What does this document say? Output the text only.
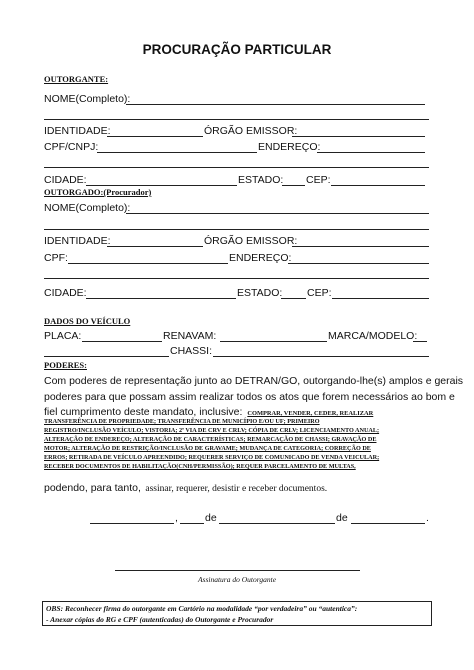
PROCURAÇÃO PARTICULAR
OUTORGANTE:
NOME(Completo):
IDENTIDADE:	ÓRGÃO EMISSOR:
CPF/CNPJ:	ENDEREÇO:
CIDADE:	ESTADO: CEP:
OUTORGADO:(Procurador)
NOME(Completo):
IDENTIDADE:	ÓRGÃO EMISSOR:
CPF:	ENDEREÇO:
CIDADE:	ESTADO: CEP:
DADOS DO VEÍCULO
PLACA:	RENAVAM:	MARCA/MODELO:
CHASSI:
PODERES:
Com poderes de representação junto ao DETRAN/GO, outorgando-lhe(s) amplos e gerais
poderes para que possam assim realizar todos os atos que forem necessários ao bom e
fiel cumprimento deste mandato, inclusive: COMPRAR, VENDER, CEDER, REALIZAR
TRANSFERÊNCIA DE PROPRIEDADE; TRANSFERÊNCIA DE MUNICÍPIO E/OU UF; PRIMEIRO
REGISTRO/INCLUSÃO VEÍCULO; VISTORIA; 2ª VIA DE CRV E CRLV; CÓPIA DE CRLV; LICENCIAMENTO ANUAL;
ALTERAÇÃO DE ENDEREÇO; ALTERAÇÃO DE CARACTERÍSTICAS; REMARCAÇÃO DE CHASSI; GRAVAÇÃO DE
MOTOR; ALTERAÇÃO DE RESTRIÇÃO/INCLUSÃO DE GRAVAME; MUDANÇA DE CATEGORIA; CORREÇÃO DE
ERROS; RETIRADA DE VEÍCULO APREENDIDO; REQUERER SERVIÇO DE COMUNICADO DE VENDA VEICULAR;
RECEBER DOCUMENTOS DE HABILITAÇÃO(CNH/PERMISSÃO); REQUER PARCELAMENTO DE MULTAS,
podendo, para tanto, assinar, requerer, desistir e receber documentos.
,	de	de	.
Assinatura do Outorgante
OBS: Reconhecer firma do outorgante em Cartório na modalidade “por verdadeira” ou “autentica”:
- Anexar cópias do RG e CPF (autenticadas) do Outorgante e Procurador
